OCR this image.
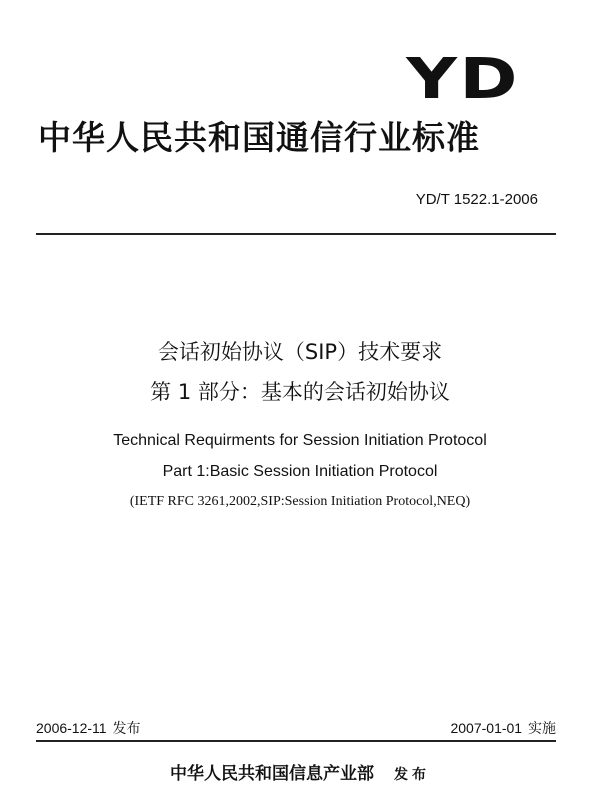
YD
中华人民共和国通信行业标准
YD/T 1522.1-2006
会话初始协议（SIP）技术要求
第 1 部分：基本的会话初始协议
Technical Requirments for Session Initiation Protocol
Part 1:Basic Session Initiation Protocol
(IETF RFC 3261,2002,SIP:Session Initiation Protocol,NEQ)
2006-12-11 发布	2007-01-01 实施
中华人民共和国信息产业部 发布
